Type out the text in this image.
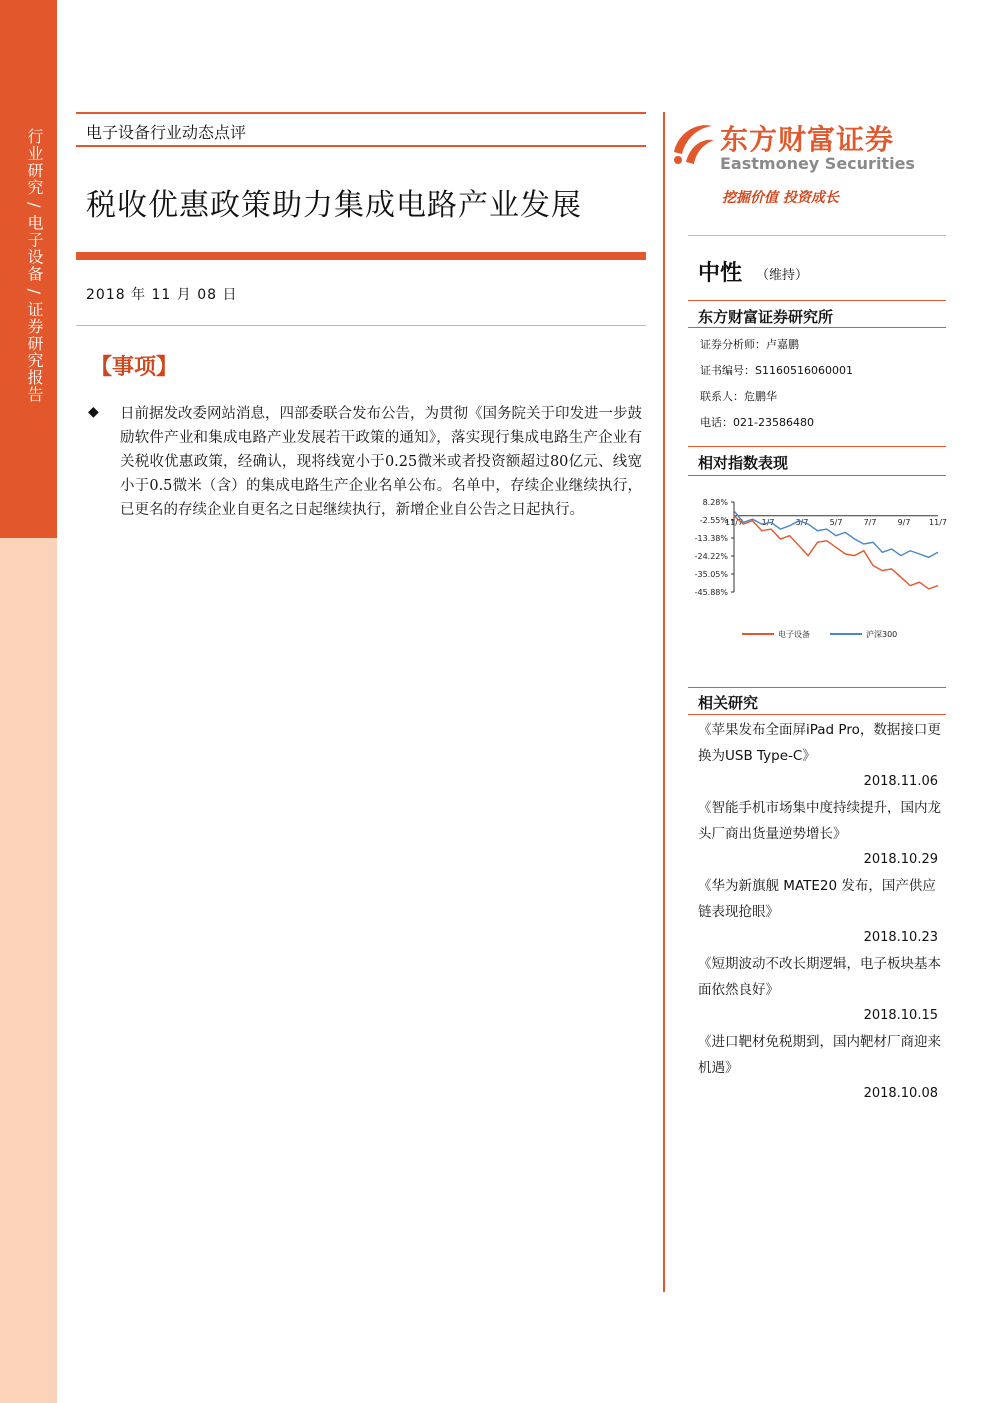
行业研究 / 电子设备 / 证券研究报告	电子设备行业动态点评
税收优惠政策助力集成电路产业发展
2018 年 11 月 08 日
【事项】
◆ 日前据发改委网站消息，四部委联合发布公告，为贯彻《国务院关于印发进一步鼓励软件产业和集成电路产业发展若干政策的通知》，落实现行集成电路生产企业有关税收优惠政策，经确认，现将线宽小于0.25微米或者投资额超过80亿元、线宽小于0.5微米（含）的集成电路生产企业名单公布。名单中，存续企业继续执行，已更名的存续企业自更名之日起继续执行，新增企业自公告之日起执行。
东方财富证券
Eastmoney Securities
挖掘价值 投资成长
中性 （维持）
东方财富证券研究所
证券分析师：卢嘉鹏
证书编号：S1160516060001
联系人：危鹏华
电话：021-23586480
相对指数表现
8.28%
-2.55%
-13.38%
-24.22%
-35.05%
-45.88%
11/7 1/7	3/7	5/7	7/7	9/7 11/7
电子设备	沪深300
相关研究
《苹果发布全面屏iPad Pro，数据接口更换为USB Type-C》
2018.11.06
《智能手机市场集中度持续提升，国内龙头厂商出货量逆势增长》
2018.10.29
《华为新旗舰 MATE20 发布，国产供应链表现抢眼》
2018.10.23
《短期波动不改长期逻辑，电子板块基本面依然良好》
2018.10.15
《进口靶材免税期到，国内靶材厂商迎来机遇》
2018.10.08
